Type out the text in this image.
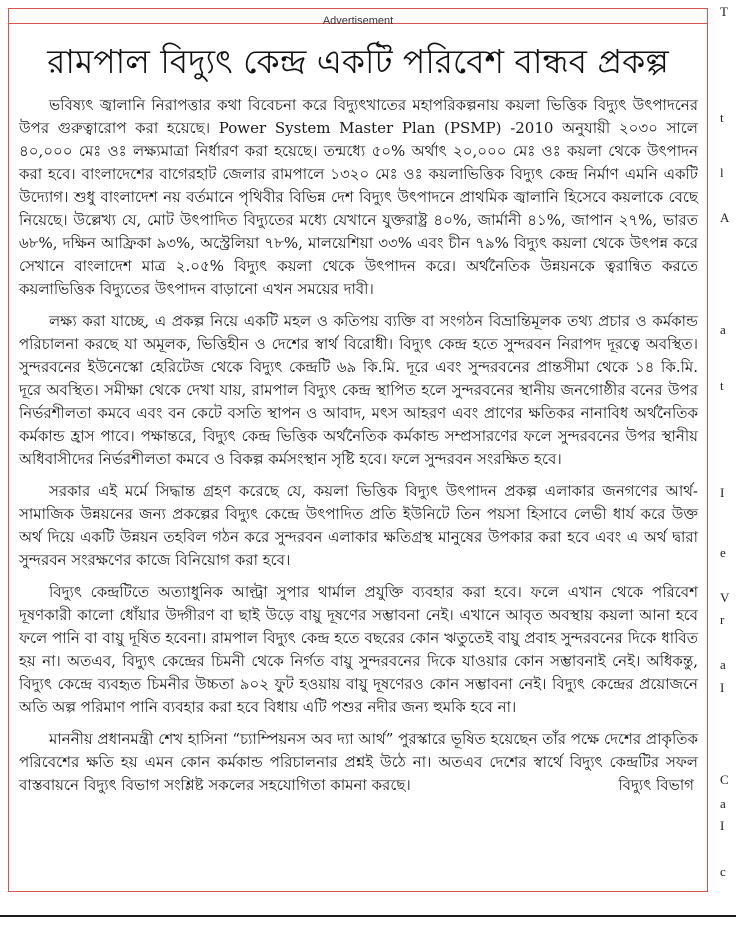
Advertisement
রামপাল বিদ্যুৎ কেন্দ্র একটি পরিবেশ বান্ধব প্রকল্প

ভবিষ্যৎ জ্বালানি নিরাপত্তার কথা বিবেচনা করে বিদ্যুৎখাতের মহাপরিকল্পনায় কয়লা ভিত্তিক বিদ্যুৎ উৎপাদনের উপর গুরুত্বারোপ করা হয়েছে। Power System Master Plan (PSMP) -2010 অনুযায়ী ২০৩০ সালে ৪০,০০০ মেঃ ওঃ লক্ষ্যমাত্রা নির্ধারণ করা হয়েছে। তন্মধ্যে ৫০% অর্থাৎ ২০,০০০ মেঃ ওঃ কয়লা থেকে উৎপাদন করা হবে। বাংলাদেশের বাগেরহাট জেলার রামপালে ১৩২০ মেঃ ওঃ কয়লাভিত্তিক বিদ্যুৎ কেন্দ্র নির্মাণ এমনি একটি উদ্যোগ। শুধু বাংলাদেশ নয় বর্তমানে পৃথিবীর বিভিন্ন দেশ বিদ্যুৎ উৎপাদনে প্রাথমিক জ্বালানি হিসেবে কয়লাকে বেছে নিয়েছে। উল্লেখ্য যে, মোট উৎপাদিত বিদ্যুতের মধ্যে যেখানে যুক্তরাষ্ট্র ৪০%, জার্মানী ৪১%, জাপান ২৭%, ভারত ৬৮%, দক্ষিন আফ্রিকা ৯৩%, অস্ট্রেলিয়া ৭৮%, মালয়েশিয়া ৩৩% এবং চীন ৭৯% বিদ্যুৎ কয়লা থেকে উৎপন্ন করে সেখানে বাংলাদেশ মাত্র ২.০৫% বিদ্যুৎ কয়লা থেকে উৎপাদন করে। অর্থনৈতিক উন্নয়নকে ত্বরান্বিত করতে কয়লাভিত্তিক বিদ্যুতের উৎপাদন বাড়ানো এখন সময়ের দাবী।

লক্ষ্য করা যাচ্ছে, এ প্রকল্প নিয়ে একটি মহল ও কতিপয় ব্যক্তি বা সংগঠন বিভ্রান্তিমূলক তথ্য প্রচার ও কর্মকান্ড পরিচালনা করছে যা অমূলক, ভিত্তিহীন ও দেশের স্বার্থ বিরোধী। বিদ্যুৎ কেন্দ্র হতে সুন্দরবন নিরাপদ দূরত্বে অবস্থিত। সুন্দরবনের ইউনেস্কো হেরিটেজ থেকে বিদ্যুৎ কেন্দ্রটি ৬৯ কি.মি. দূরে এবং সুন্দরবনের প্রান্তসীমা থেকে ১৪ কি.মি. দূরে অবস্থিত। সমীক্ষা থেকে দেখা যায়, রামপাল বিদ্যুৎ কেন্দ্র স্থাপিত হলে সুন্দরবনের স্থানীয় জনগোষ্ঠীর বনের উপর নির্ভরশীলতা কমবে এবং বন কেটে বসতি স্থাপন ও আবাদ, মৎস আহরণ এবং প্রাণের ক্ষতিকর নানাবিধ অর্থনৈতিক কর্মকান্ড হ্রাস পাবে। পক্ষান্তরে, বিদ্যুৎ কেন্দ্র ভিত্তিক অর্থনৈতিক কর্মকান্ড সম্প্রসারণের ফলে সুন্দরবনের উপর স্থানীয় অধিবাসীদের নির্ভরশীলতা কমবে ও বিকল্প কর্মসংস্থান সৃষ্টি হবে। ফলে সুন্দরবন সংরক্ষিত হবে।

সরকার এই মর্মে সিদ্ধান্ত গ্রহণ করেছে যে, কয়লা ভিত্তিক বিদ্যুৎ উৎপাদন প্রকল্প এলাকার জনগণের আর্থ-সামাজিক উন্নয়নের জন্য প্রকল্পের বিদ্যুৎ কেন্দ্রে উৎপাদিত প্রতি ইউনিটে তিন পয়সা হিসাবে লেভী ধার্য করে উক্ত অর্থ দিয়ে একটি উন্নয়ন তহবিল গঠন করে সুন্দরবন এলাকার ক্ষতিগ্রস্থ মানুষের উপকার করা হবে এবং এ অর্থ দ্বারা সুন্দরবন সংরক্ষণের কাজে বিনিয়োগ করা হবে।

বিদ্যুৎ কেন্দ্রটিতে অত্যাধুনিক আল্ট্রা সুপার থার্মাল প্রযুক্তি ব্যবহার করা হবে। ফলে এখান থেকে পরিবেশ দূষণকারী কালো ধোঁয়ার উদ্গীরণ বা ছাই উড়ে বায়ু দূষণের সম্ভাবনা নেই। এখানে আবৃত অবস্থায় কয়লা আনা হবে ফলে পানি বা বায়ু দূষিত হবেনা। রামপাল বিদ্যুৎ কেন্দ্র হতে বছরের কোন ঋতুতেই বায়ু প্রবাহ সুন্দরবনের দিকে ধাবিত হয় না। অতএব, বিদ্যুৎ কেন্দ্রের চিমনী থেকে নির্গত বায়ু সুন্দরবনের দিকে যাওয়ার কোন সম্ভাবনাই নেই। অধিকন্তু, বিদ্যুৎ কেন্দ্রে ব্যবহৃত চিমনীর উচ্চতা ৯০২ ফুট হওয়ায় বায়ু দূষণেরও কোন সম্ভাবনা নেই। বিদ্যুৎ কেন্দ্রের প্রয়োজনে অতি অল্প পরিমাণ পানি ব্যবহার করা হবে বিধায় এটি পশুর নদীর জন্য হুমকি হবে না।

মাননীয় প্রধানমন্ত্রী শেখ হাসিনা “চ্যাম্পিয়নস অব দ্যা আর্থ” পুরস্কারে ভূষিত হয়েছেন তাঁর পক্ষে দেশের প্রাকৃতিক পরিবেশের ক্ষতি হয় এমন কোন কর্মকান্ড পরিচালনার প্রশ্নই উঠে না। অতএব দেশের স্বার্থে বিদ্যুৎ কেন্দ্রটির সফল বাস্তবায়নে বিদ্যুৎ বিভাগ সংশ্লিষ্ট সকলের সহযোগিতা কামনা করছে।	বিদ্যুৎ বিভাগ
T
t
l
A
a
t
I
e
V
r
a
I
C
a
I
c
